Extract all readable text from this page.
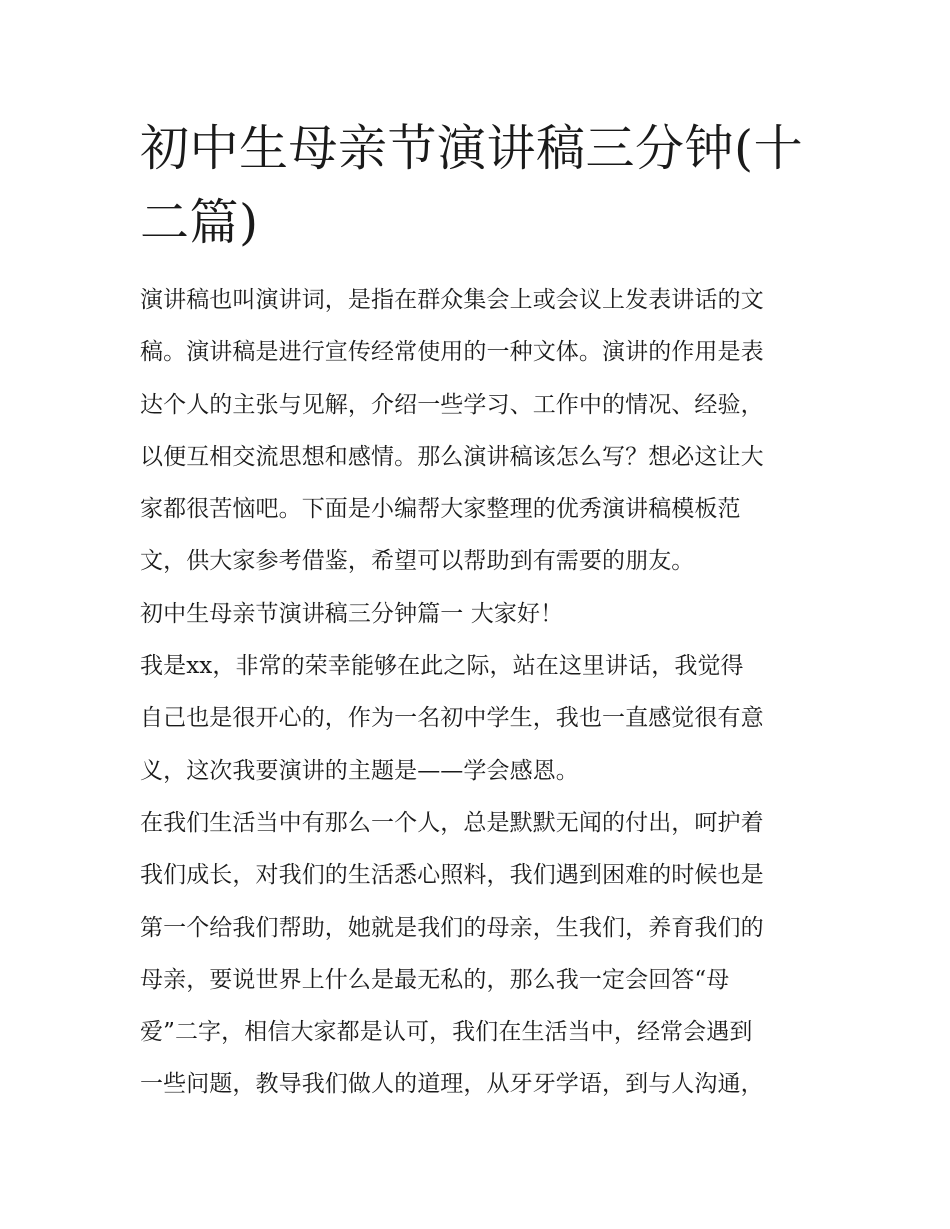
初中生母亲节演讲稿三分钟(十
二篇)
演讲稿也叫演讲词，是指在群众集会上或会议上发表讲话的文
稿。演讲稿是进行宣传经常使用的一种文体。演讲的作用是表
达个人的主张与见解，介绍一些学习、工作中的情况、经验，
以便互相交流思想和感情。那么演讲稿该怎么写？想必这让大
家都很苦恼吧。下面是小编帮大家整理的优秀演讲稿模板范
文，供大家参考借鉴，希望可以帮助到有需要的朋友。
初中生母亲节演讲稿三分钟篇一 大家好！
我是xx，非常的荣幸能够在此之际，站在这里讲话，我觉得
自己也是很开心的，作为一名初中学生，我也一直感觉很有意
义，这次我要演讲的主题是——学会感恩。
在我们生活当中有那么一个人，总是默默无闻的付出，呵护着
我们成长，对我们的生活悉心照料，我们遇到困难的时候也是
第一个给我们帮助，她就是我们的母亲，生我们，养育我们的
母亲，要说世界上什么是最无私的，那么我一定会回答“母
爱”二字，相信大家都是认可，我们在生活当中，经常会遇到
一些问题，教导我们做人的道理，从牙牙学语，到与人沟通，
